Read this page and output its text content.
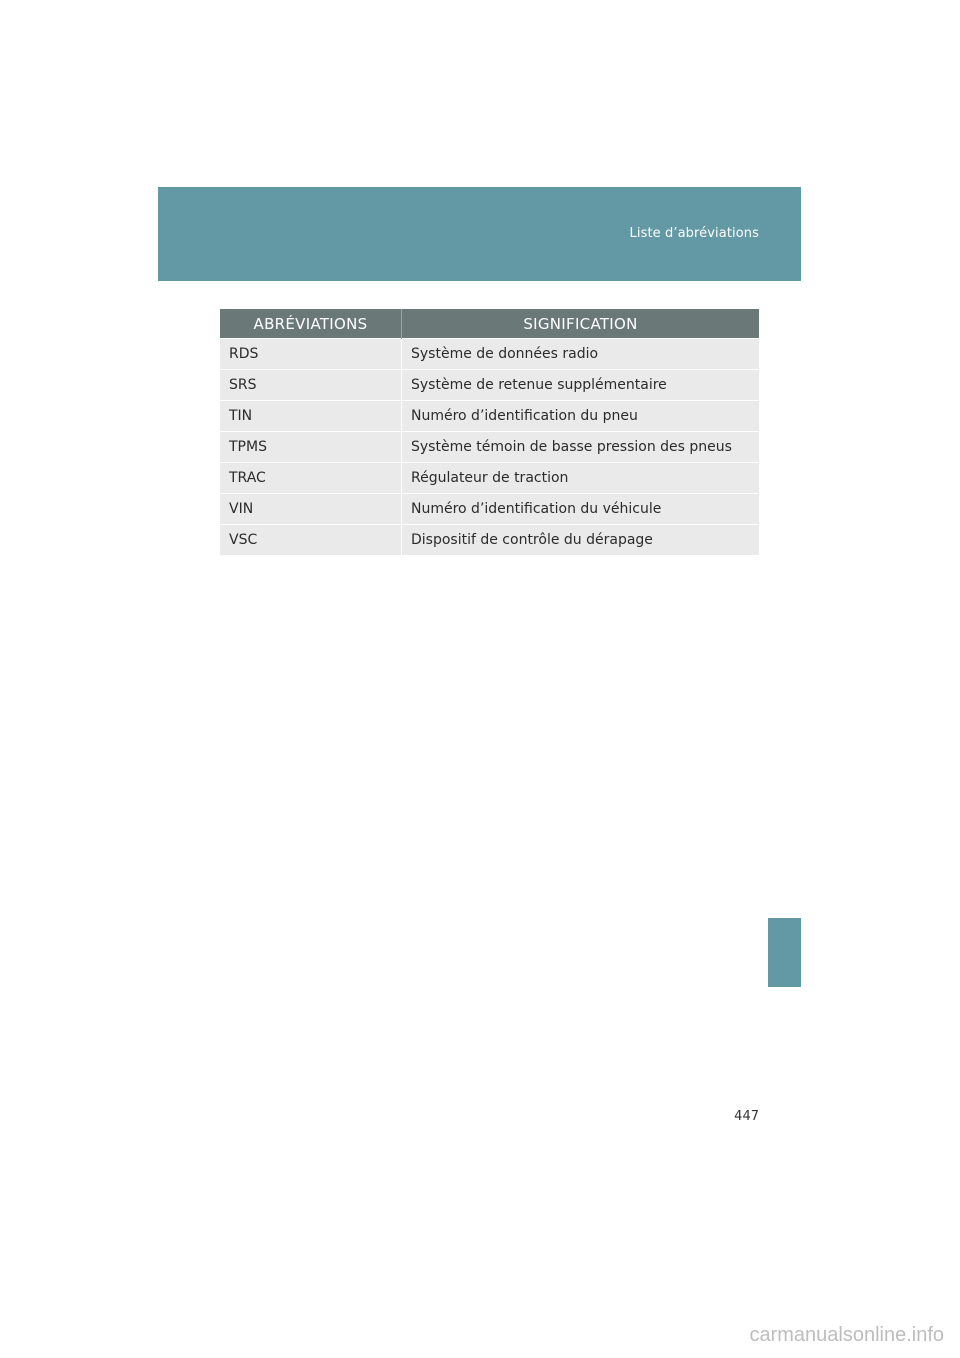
Liste d’abréviations
ABRÉVIATIONS	SIGNIFICATION
RDS	Système de données radio
SRS	Système de retenue supplémentaire
TIN	Numéro d’identification du pneu
TPMS	Système témoin de basse pression des pneus
TRAC	Régulateur de traction
VIN	Numéro d’identification du véhicule
VSC	Dispositif de contrôle du dérapage
447
carmanualsonline.info
